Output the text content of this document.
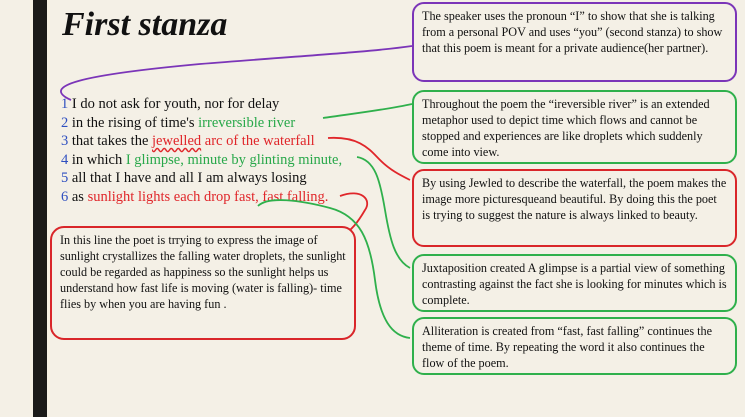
First stanza
1 I do not ask for youth, nor for delay
2 in the rising of time's irreversible river
3 that takes the jewelled arc of the waterfall
4 in which I glimpse, minute by glinting minute,
5 all that I have and all I am always losing
6 as sunlight lights each drop fast, fast falling.
The speaker uses the pronoun “I” to show that she is talking from a personal POV and uses “you” (second stanza) to show that this poem is meant for a private audience(her partner).
Throughout the poem the “ireversible river” is an extended metaphor used to depict time which flows and cannot be stopped and experiences are like droplets which suddenly come into view.
By using Jewled to describe the waterfall, the poem makes the image more picturesqueand beautiful. By doing this the poet is trying to suggest the nature is always linked to beauty.
Juxtaposition created A glimpse is a partial view of something contrasting against the fact she is looking for minutes which is complete.
Alliteration is created from “fast, fast falling” continues the theme of time. By repeating the word it also continues the flow of the poem.
In this line the poet is trrying to express the image of sunlight crystallizes the falling water droplets, the sunlight could be regarded as happiness so the sunlight helps us understand how fast life is moving (water is falling)- time flies by when you are having fun .
